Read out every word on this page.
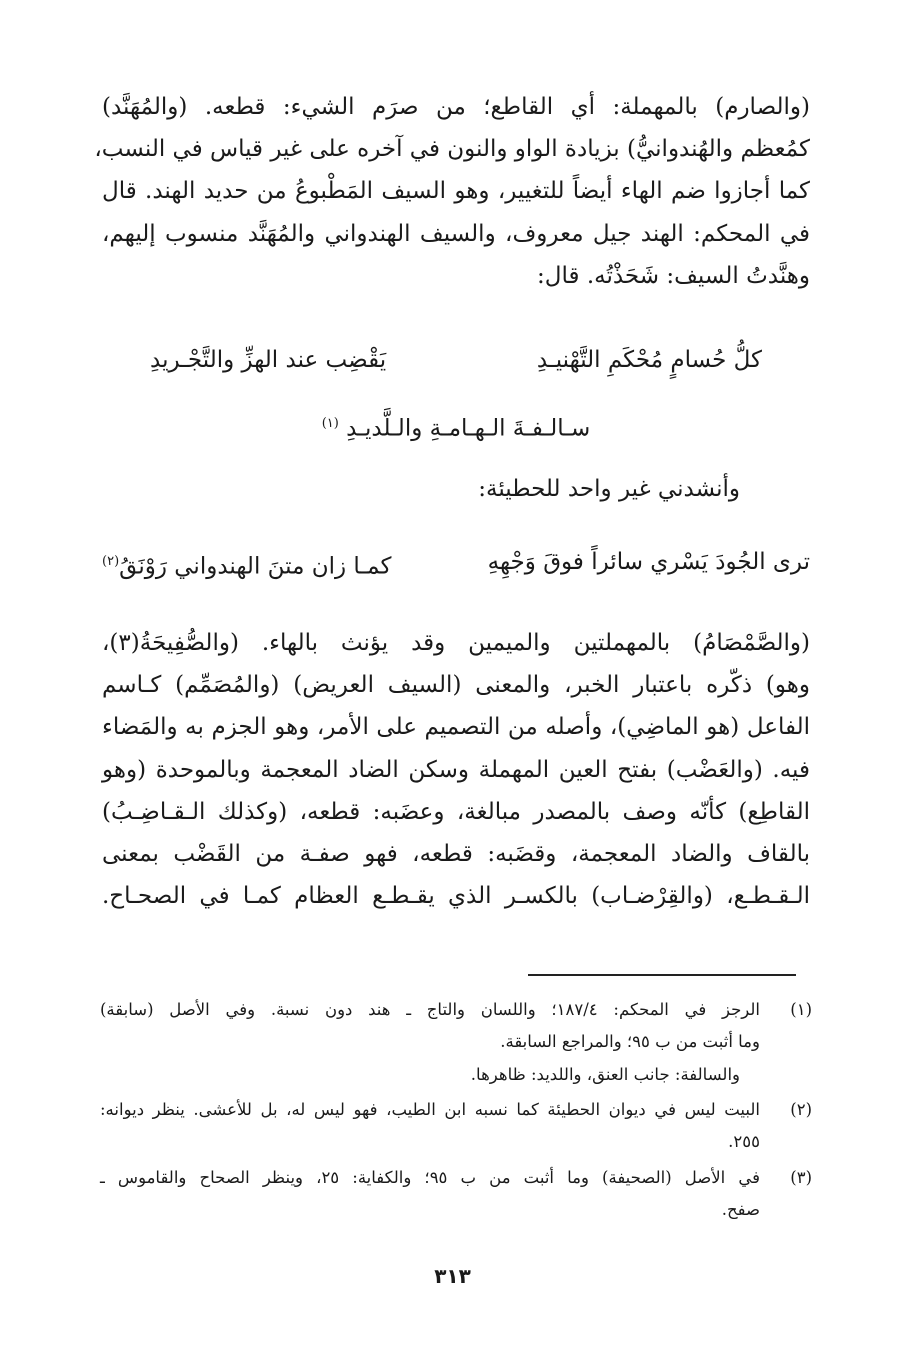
(والصارم) بالمهملة: أي القاطع؛ من صرَم الشيء: قطعه. (والمُهَنَّد)
كمُعظم والهُندوانيُّ) بزيادة الواو والنون في آخره على غير قياس في النسب،
كما أجازوا ضم الهاء أيضاً للتغيير، وهو السيف المَطْبوعُ من حديد الهند. قال
في المحكم: الهند جيل معروف، والسيف الهندواني والمُهَنَّد منسوب إليهم،
وهنَّدتُ السيف: شَحَذْتُه. قال:
كلُّ حُسامٍ مُحْكَمِ التَّهْنيـدِ
يَقْضِب عند الهزِّ والتَّجْـريدِ
سـالـفـةَ الـهـامـةِ والـلَّديـدِ $^{(١)}$
وأنشدني غير واحد للحطيئة:
ترى الجُودَ يَسْري سائراً فوقَ وَجْهِهِ
كمـا زان متنَ الهندواني رَوْنَقُ$^{(٢)}$
(والصَّمْصَامُ) بالمهملتين والميمين وقد يؤنث بالهاء. (والصُّفِيحَةُ(٣)،
وهو) ذكّره باعتبار الخبر، والمعنى (السيف العريض) (والمُصَمِّم) كـاسم
الفاعل (هو الماضِي)، وأصله من التصميم على الأمر، وهو الجزم به والمَضاء
فيه. (والعَضْب) بفتح العين المهملة وسكن الضاد المعجمة وبالموحدة (وهو
القاطِع) كأنّه وصف بالمصدر مبالغة، وعضَبه: قطعه، (وكذلك الـقـاضِـبُ)
بالقاف والضاد المعجمة، وقضَبه: قطعه، فهو صفـة من القَضْب بمعنى
الـقـطـع، (والقِرْضـاب) بالكسـر الذي يقـطـع العظام كمـا في الصحـاح.
(١)
الرجز في المحكم: ١٨٧/٤؛ واللسان والتاج ـ هند دون نسبة. وفي الأصل (سابقة)
وما أثبت من ب ٩٥؛ والمراجع السابقة.
والسالفة: جانب العنق، واللديد: ظاهرها.
(٢)
البيت ليس في ديوان الحطيئة كما نسبه ابن الطيب، فهو ليس له، بل للأعشى. ينظر ديوانه:
٢٥٥.
(٣)
في الأصل (الصحيفة) وما أثبت من ب ٩٥؛ والكفاية: ٢٥، وينظر الصحاح والقاموس ـ
صفح.
٣١٣
